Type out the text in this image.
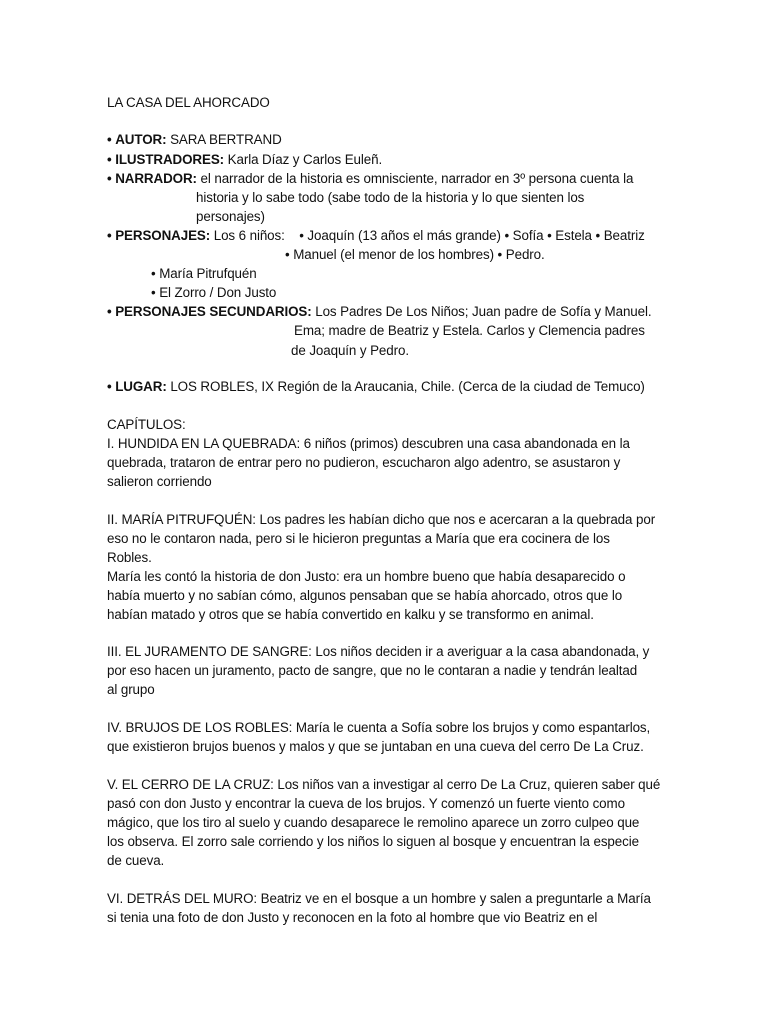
LA CASA DEL AHORCADO
• AUTOR: SARA BERTRAND
• ILUSTRADORES: Karla Díaz y Carlos Euleñ.
• NARRADOR: el narrador de la historia es omnisciente, narrador en 3º persona cuenta la
historia y lo sabe todo (sabe todo de la historia y lo que sienten los
personajes)
• PERSONAJES: Los 6 niños:    • Joaquín (13 años el más grande) • Sofía • Estela • Beatriz
• Manuel (el menor de los hombres) • Pedro.
• María Pitrufquén
• El Zorro / Don Justo
• PERSONAJES SECUNDARIOS: Los Padres De Los Niños; Juan padre de Sofía y Manuel.
Ema; madre de Beatriz y Estela. Carlos y Clemencia padres
de Joaquín y Pedro.
• LUGAR: LOS ROBLES, IX Región de la Araucania, Chile. (Cerca de la ciudad de Temuco)
CAPÍTULOS:
I. HUNDIDA EN LA QUEBRADA: 6 niños (primos) descubren una casa abandonada en la
quebrada, trataron de entrar pero no pudieron, escucharon algo adentro, se asustaron y
salieron corriendo
II. MARÍA PITRUFQUÉN: Los padres les habían dicho que nos e acercaran a la quebrada por
eso no le contaron nada, pero si le hicieron preguntas a María que era cocinera de los
Robles.
María les contó la historia de don Justo: era un hombre bueno que había desaparecido o
había muerto y no sabían cómo, algunos pensaban que se había ahorcado, otros que lo
habían matado y otros que se había convertido en kalku y se transformo en animal.
III. EL JURAMENTO DE SANGRE: Los niños deciden ir a averiguar a la casa abandonada, y
por eso hacen un juramento, pacto de sangre, que no le contaran a nadie y tendrán lealtad
al grupo
IV. BRUJOS DE LOS ROBLES: María le cuenta a Sofía sobre los brujos y como espantarlos,
que existieron brujos buenos y malos y que se juntaban en una cueva del cerro De La Cruz.
V. EL CERRO DE LA CRUZ: Los niños van a investigar al cerro De La Cruz, quieren saber qué
pasó con don Justo y encontrar la cueva de los brujos. Y comenzó un fuerte viento como
mágico, que los tiro al suelo y cuando desaparece le remolino aparece un zorro culpeo que
los observa. El zorro sale corriendo y los niños lo siguen al bosque y encuentran la especie
de cueva.
VI. DETRÁS DEL MURO: Beatriz ve en el bosque a un hombre y salen a preguntarle a María
si tenia una foto de don Justo y reconocen en la foto al hombre que vio Beatriz en el
